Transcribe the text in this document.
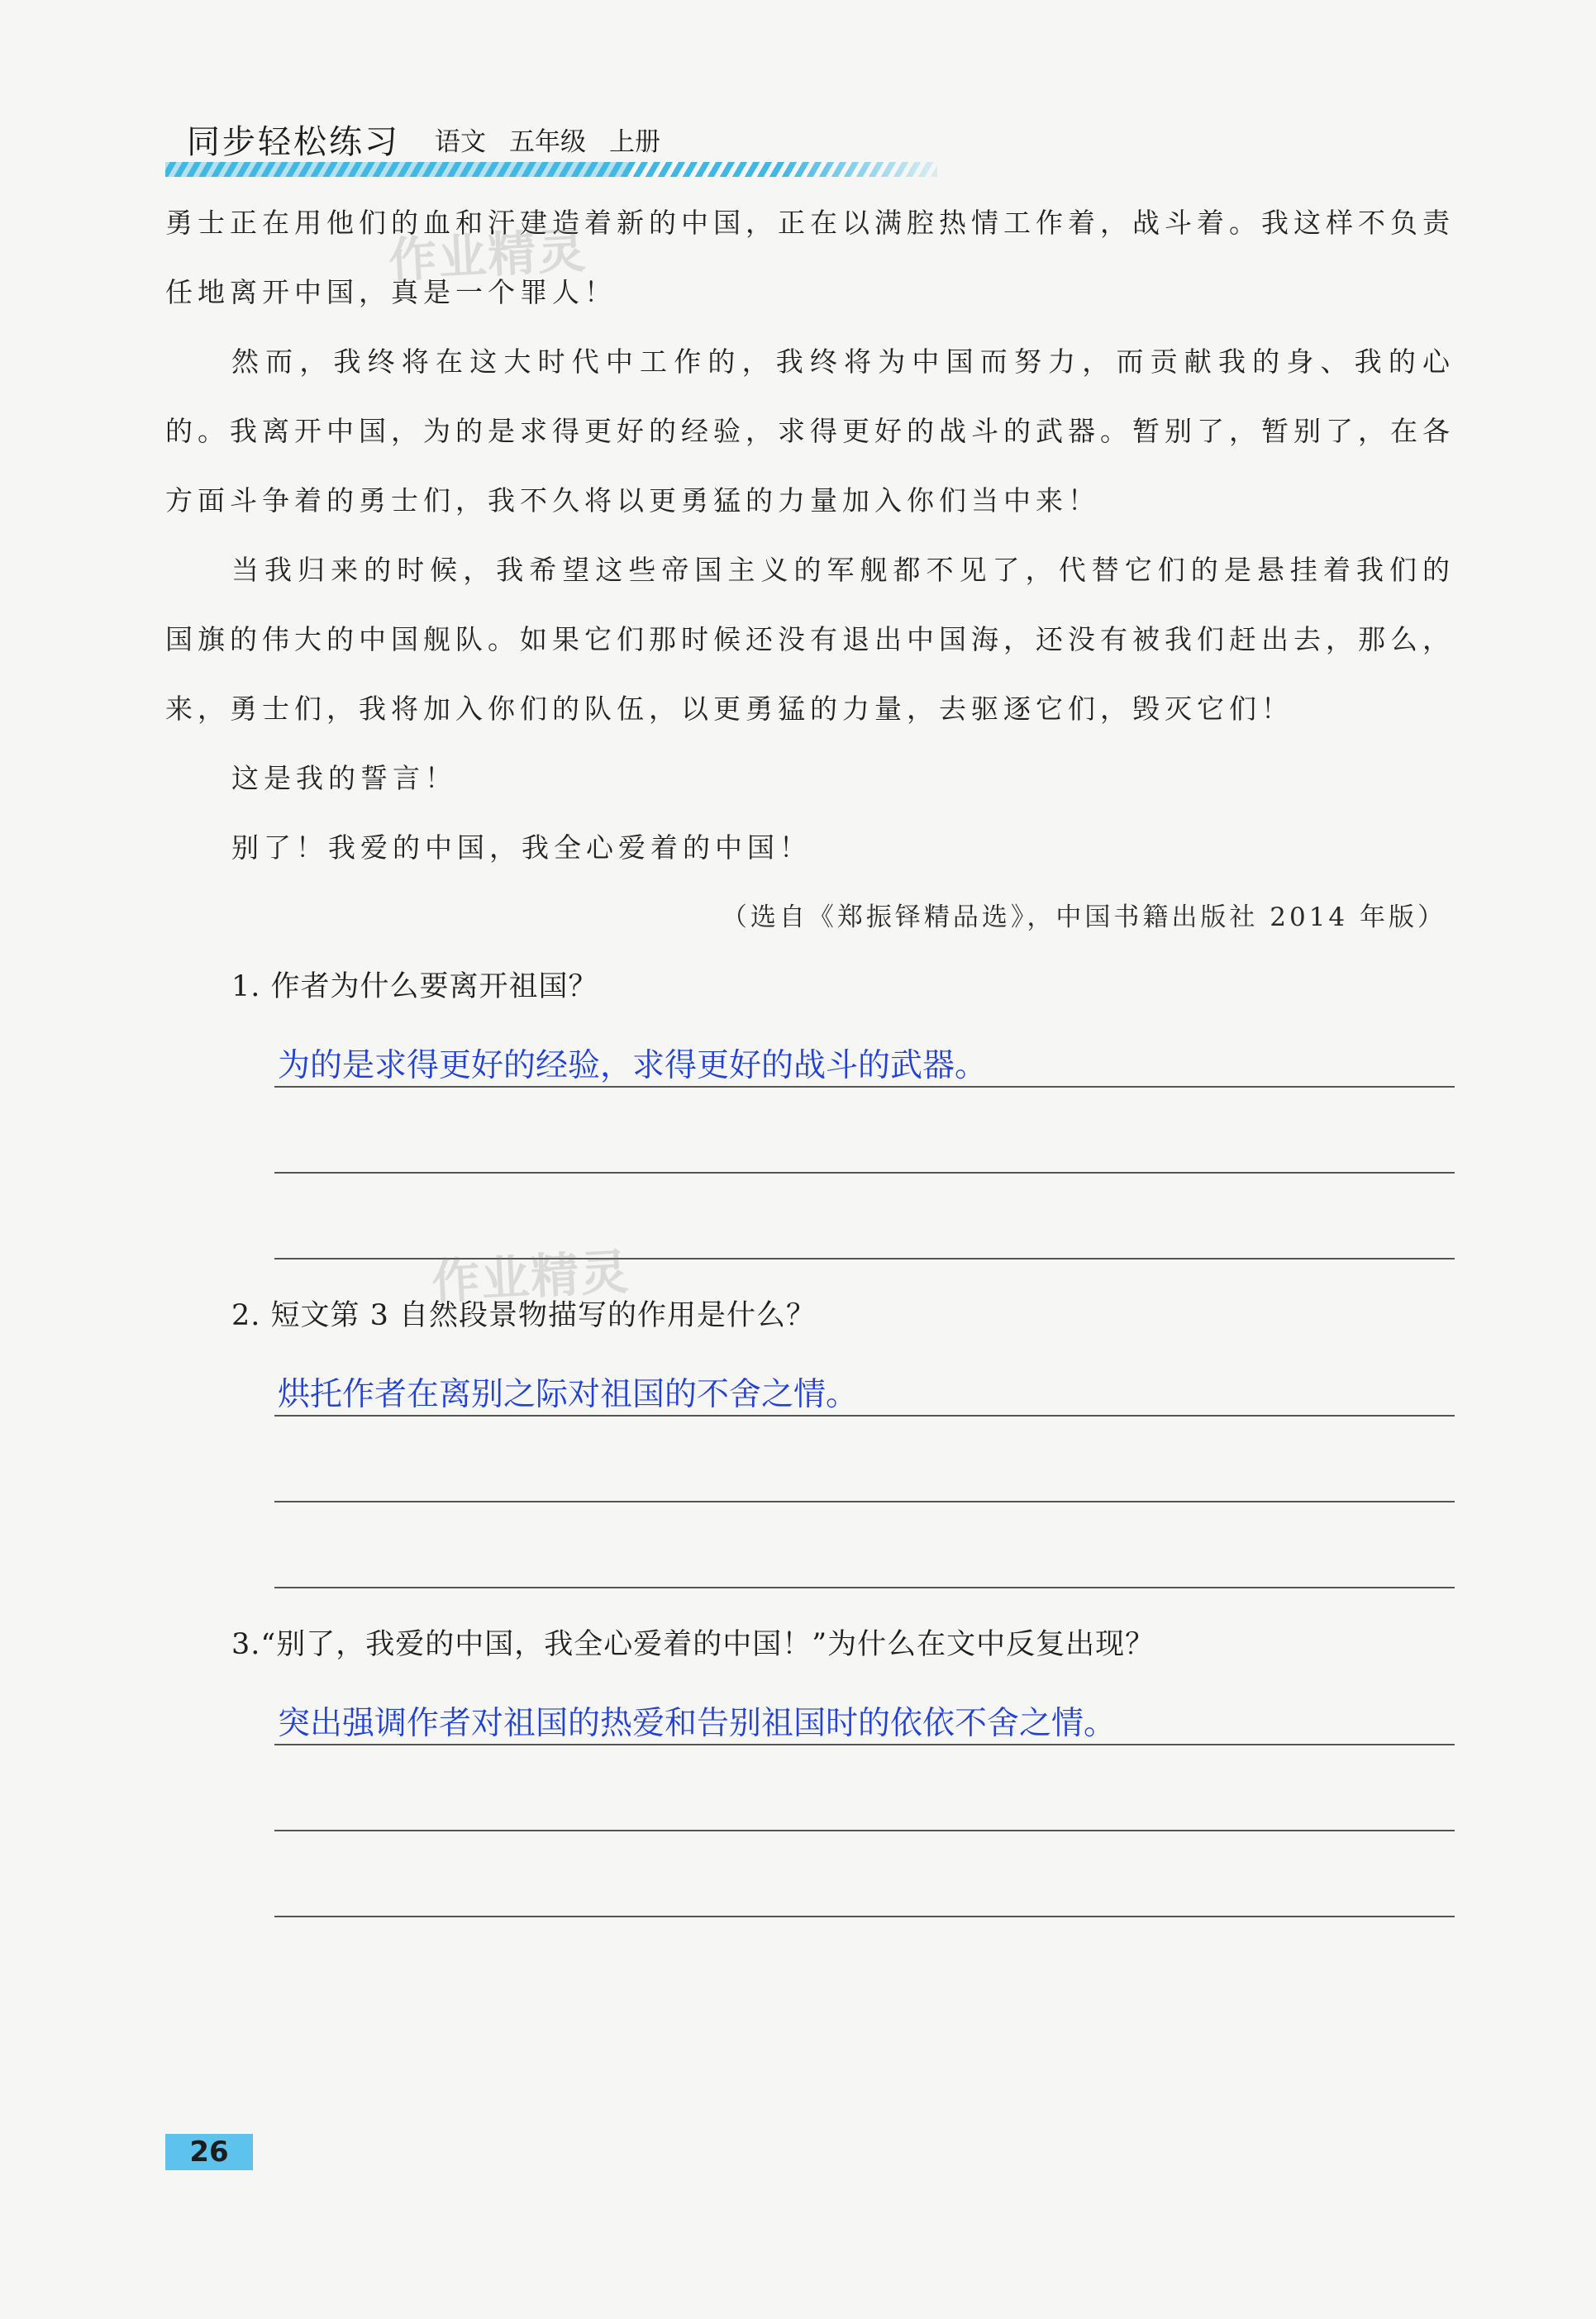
同步轻松练习 语文 五年级 上册

勇士正在用他们的血和汗建造着新的中国，正在以满腔热情工作着，战斗着。我这样不负责任地离开中国，真是一个罪人！

然而，我终将在这大时代中工作的，我终将为中国而努力，而贡献我的身、我的心的。我离开中国，为的是求得更好的经验，求得更好的战斗的武器。暂别了，暂别了，在各方面斗争着的勇士们，我不久将以更勇猛的力量加入你们当中来！

当我归来的时候，我希望这些帝国主义的军舰都不见了，代替它们的是悬挂着我们的国旗的伟大的中国舰队。如果它们那时候还没有退出中国海，还没有被我们赶出去，那么，来，勇士们，我将加入你们的队伍，以更勇猛的力量，去驱逐它们，毁灭它们！

这是我的誓言！

别了！我爱的中国，我全心爱着的中国！

（选自《郑振铎精品选》，中国书籍出版社 2014 年版）

1. 作者为什么要离开祖国？
为的是求得更好的经验，求得更好的战斗的武器。
2. 短文第 3 自然段景物描写的作用是什么？
烘托作者在离别之际对祖国的不舍之情。
3.“别了，我爱的中国，我全心爱着的中国！”为什么在文中反复出现？
突出强调作者对祖国的热爱和告别祖国时的依依不舍之情。
作业精灵
作业精灵
26
